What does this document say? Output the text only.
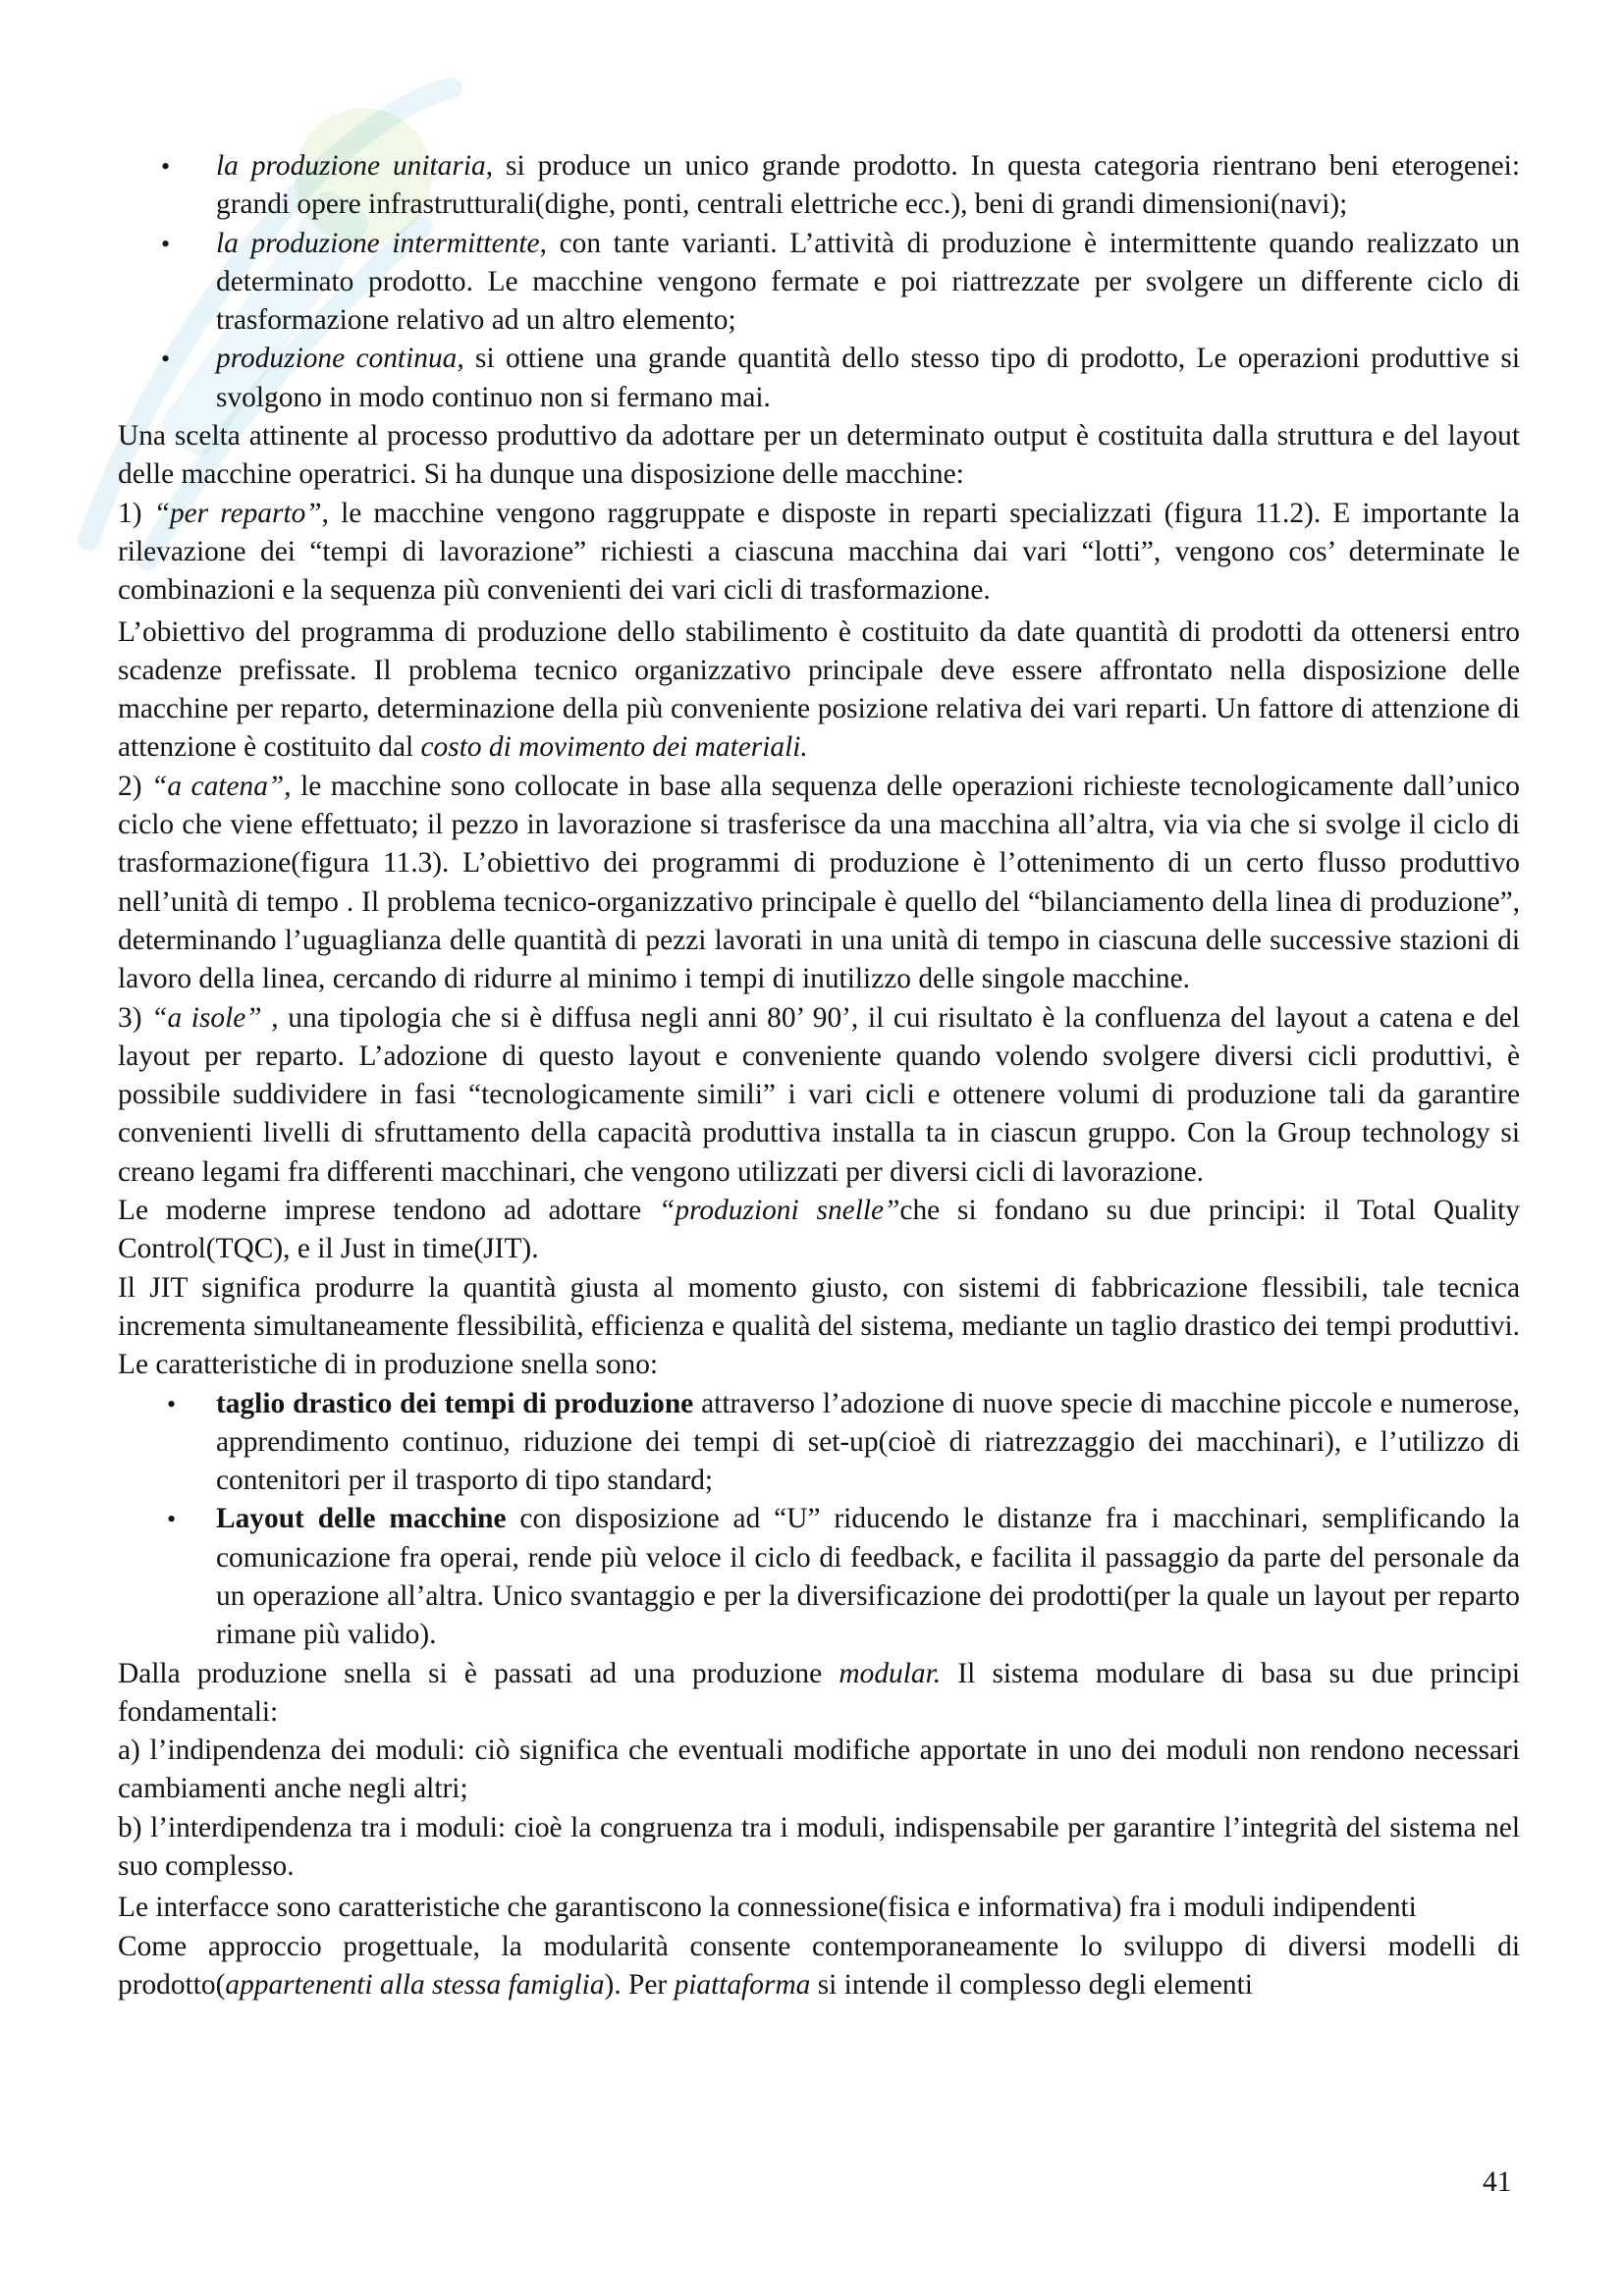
• la produzione unitaria, si produce un unico grande prodotto. In questa categoria rientrano beni eterogenei: grandi opere infrastrutturali(dighe, ponti, centrali elettriche ecc.), beni di grandi dimensioni(navi);
• la produzione intermittente, con tante varianti. L’attività di produzione è intermittente quando realizzato un determinato prodotto. Le macchine vengono fermate e poi riattrezzate per svolgere un differente ciclo di trasformazione relativo ad un altro elemento;
• produzione continua, si ottiene una grande quantità dello stesso tipo di prodotto, Le operazioni produttive si svolgono in modo continuo non si fermano mai.

Una scelta attinente al processo produttivo da adottare per un determinato output è costituita dalla struttura e del layout delle macchine operatrici. Si ha dunque una disposizione delle macchine:

1) “per reparto”, le macchine vengono raggruppate e disposte in reparti specializzati (figura 11.2). E importante la rilevazione dei “tempi di lavorazione” richiesti a ciascuna macchina dai vari “lotti”, vengono cos’ determinate le combinazioni e la sequenza più convenienti dei vari cicli di trasformazione.

L’obiettivo del programma di produzione dello stabilimento è costituito da date quantità di prodotti da ottenersi entro scadenze prefissate. Il problema tecnico organizzativo principale deve essere affrontato nella disposizione delle macchine per reparto, determinazione della più conveniente posizione relativa dei vari reparti. Un fattore di attenzione di attenzione è costituito dal costo di movimento dei materiali.

2) “a catena”, le macchine sono collocate in base alla sequenza delle operazioni richieste tecnologicamente dall’unico ciclo che viene effettuato; il pezzo in lavorazione si trasferisce da una macchina all’altra, via via che si svolge il ciclo di trasformazione(figura 11.3). L’obiettivo dei programmi di produzione è l’ottenimento di un certo flusso produttivo nell’unità di tempo . Il problema tecnico-organizzativo principale è quello del “bilanciamento della linea di produzione”, determinando l’uguaglianza delle quantità di pezzi lavorati in una unità di tempo in ciascuna delle successive stazioni di lavoro della linea, cercando di ridurre al minimo i tempi di inutilizzo delle singole macchine.

3) “a isole” , una tipologia che si è diffusa negli anni 80’ 90’, il cui risultato è la confluenza del layout a catena e del layout per reparto. L’adozione di questo layout e conveniente quando volendo svolgere diversi cicli produttivi, è possibile suddividere in fasi “tecnologicamente simili” i vari cicli e ottenere volumi di produzione tali da garantire convenienti livelli di sfruttamento della capacità produttiva installa ta in ciascun gruppo. Con la Group technology si creano legami fra differenti macchinari, che vengono utilizzati per diversi cicli di lavorazione.

Le moderne imprese tendono ad adottare “produzioni snelle”che si fondano su due principi: il Total Quality Control(TQC), e il Just in time(JIT).

Il JIT significa produrre la quantità giusta al momento giusto, con sistemi di fabbricazione flessibili, tale tecnica incrementa simultaneamente flessibilità, efficienza e qualità del sistema, mediante un taglio drastico dei tempi produttivi. Le caratteristiche di in produzione snella sono:

• taglio drastico dei tempi di produzione attraverso l’adozione di nuove specie di macchine piccole e numerose, apprendimento continuo, riduzione dei tempi di set-up(cioè di riatrezzaggio dei macchinari), e l’utilizzo di contenitori per il trasporto di tipo standard;
• Layout delle macchine con disposizione ad “U” riducendo le distanze fra i macchinari, semplificando la comunicazione fra operai, rende più veloce il ciclo di feedback, e facilita il passaggio da parte del personale da un operazione all’altra. Unico svantaggio e per la diversificazione dei prodotti(per la quale un layout per reparto rimane più valido).

Dalla produzione snella si è passati ad una produzione modular. Il sistema modulare di basa su due principi fondamentali:

a) l’indipendenza dei moduli: ciò significa che eventuali modifiche apportate in uno dei moduli non rendono necessari cambiamenti anche negli altri;

b) l’interdipendenza tra i moduli: cioè la congruenza tra i moduli, indispensabile per garantire l’integrità del sistema nel suo complesso.

Le interfacce sono caratteristiche che garantiscono la connessione(fisica e informativa) fra i moduli indipendenti

Come approccio progettuale, la modularità consente contemporaneamente lo sviluppo di diversi modelli di prodotto(appartenenti alla stessa famiglia). Per piattaforma si intende il complesso degli elementi

41
